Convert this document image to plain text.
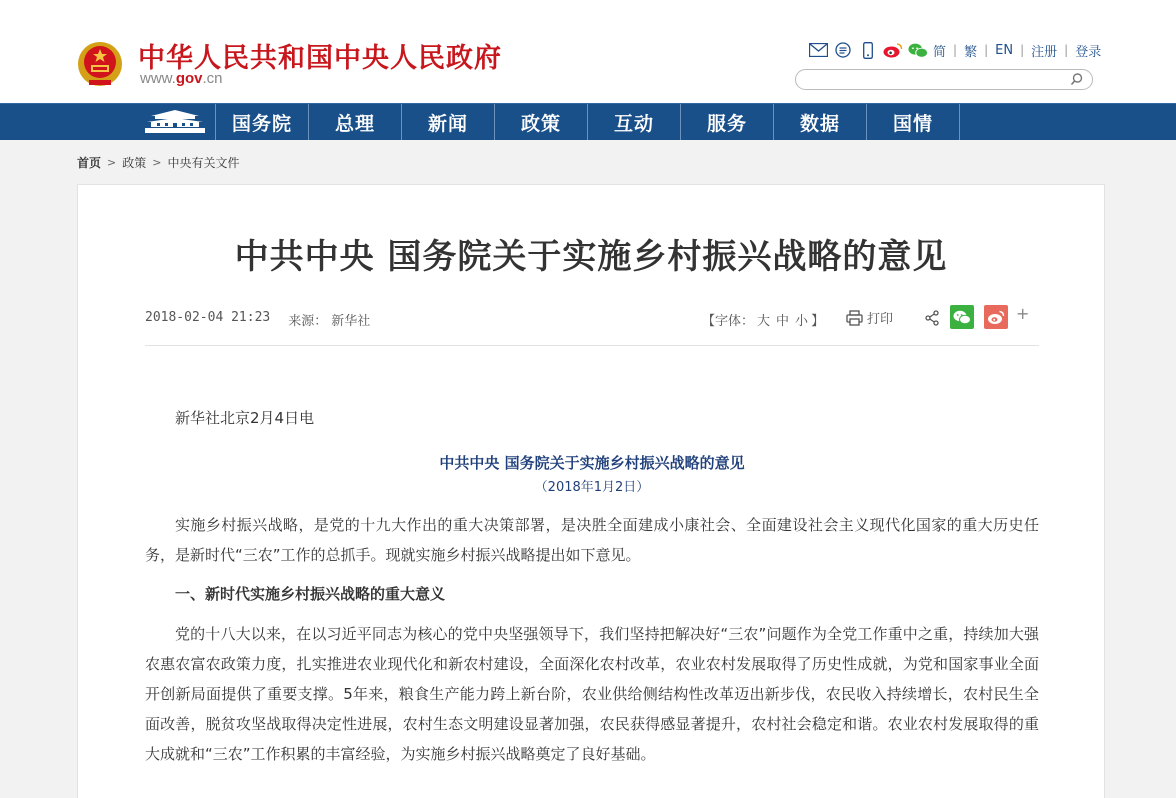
中华人民共和国中央人民政府
www.gov.cn
简 | 繁 | EN | 注册 | 登录
国务院	总理	新闻	政策	互动	服务	数据	国情
首页 > 政策 > 中央有关文件
中共中央 国务院关于实施乡村振兴战略的意见
2018-02-04 21:23 来源： 新华社	【字体： 大 中 小 】	打印	+

新华社北京2月4日电

中共中央 国务院关于实施乡村振兴战略的意见

（2018年1月2日）

实施乡村振兴战略，是党的十九大作出的重大决策部署，是决胜全面建成小康社会、全面建设社会主义现代化国家的重大历史任务，是新时代“三农”工作的总抓手。现就实施乡村振兴战略提出如下意见。

一、新时代实施乡村振兴战略的重大意义

党的十八大以来，在以习近平同志为核心的党中央坚强领导下，我们坚持把解决好“三农”问题作为全党工作重中之重，持续加大强农惠农富农政策力度，扎实推进农业现代化和新农村建设，全面深化农村改革，农业农村发展取得了历史性成就，为党和国家事业全面开创新局面提供了重要支撑。5年来，粮食生产能力跨上新台阶，农业供给侧结构性改革迈出新步伐，农民收入持续增长，农村民生全面改善，脱贫攻坚战取得决定性进展，农村生态文明建设显著加强，农民获得感显著提升，农村社会稳定和谐。农业农村发展取得的重大成就和“三农”工作积累的丰富经验，为实施乡村振兴战略奠定了良好基础。
